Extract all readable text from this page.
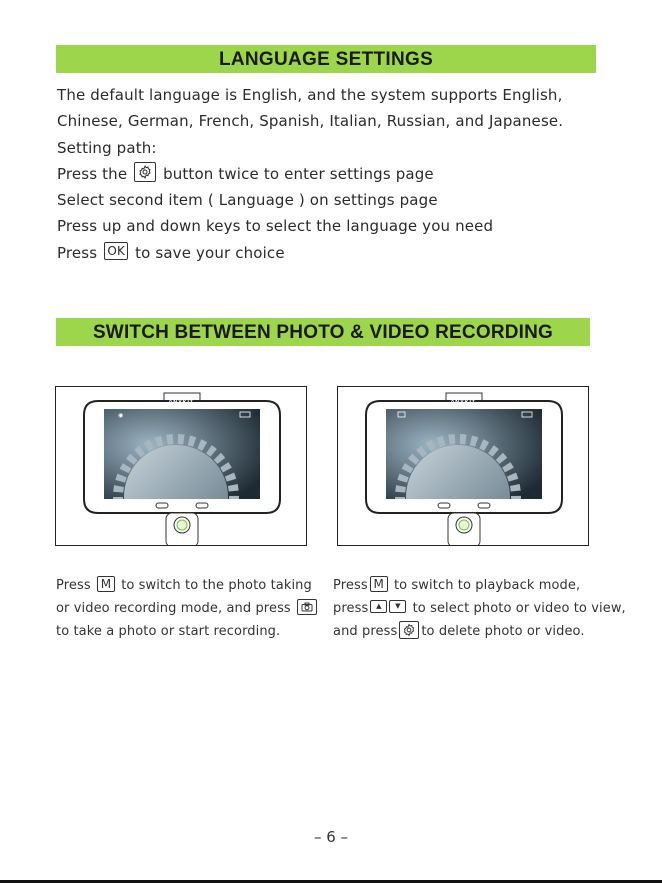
LANGUAGE SETTINGS
The default language is English, and the system supports English,
Chinese, German, French, Spanish, Italian, Russian, and Japanese.
Setting path:
Press the button twice to enter settings page
Select second item ( Language ) on settings page
Press up and down keys to select the language you need
Press OK to save your choice
SWITCH BETWEEN PHOTO & VIDEO RECORDING
◉
ANYKIT	ANYKIT
Press M to switch to the photo taking
or video recording mode, and press
to take a photo or start recording.
Press M to switch to playback mode,
press ▲ ▼ to select photo or video to view,
and press to delete photo or video.
– 6 –
